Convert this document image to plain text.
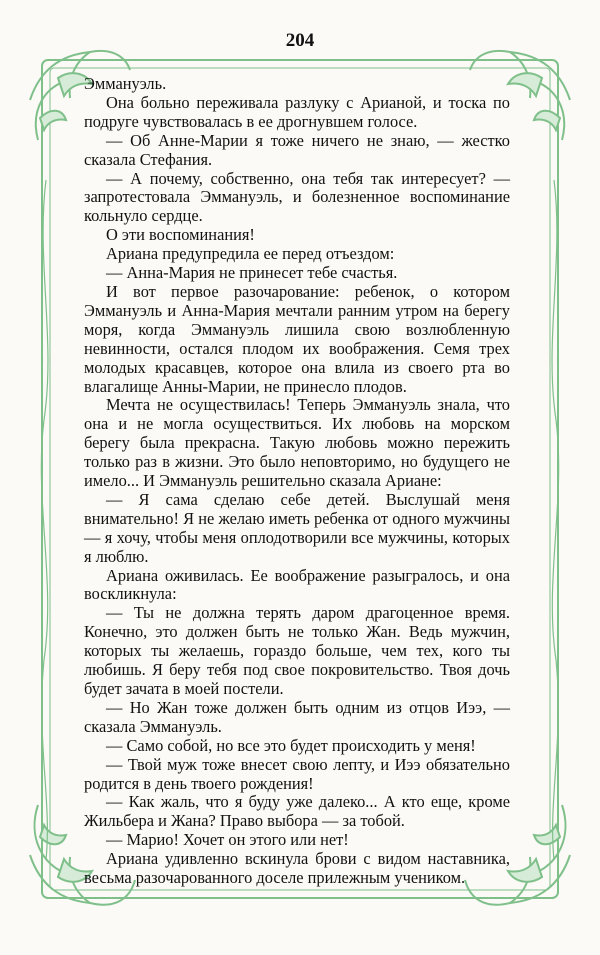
204

Эммануэль.

Она больно переживала разлуку с Арианой, и тоска по подруге чувствовалась в ее дрогнувшем голосе.

— Об Анне-Марии я тоже ничего не знаю, — жестко сказала Стефания.

— А почему, собственно, она тебя так интересует? — запротестовала Эммануэль, и болезненное воспоминание кольнуло сердце.

О эти воспоминания!

Ариана предупредила ее перед отъездом:

— Анна-Мария не принесет тебе счастья.

И вот первое разочарование: ребенок, о котором Эммануэль и Анна-Мария мечтали ранним утром на берегу моря, когда Эммануэль лишила свою возлюбленную невинности, остался плодом их воображения. Семя трех молодых красавцев, которое она влила из своего рта во влагалище Анны-Марии, не принесло плодов.

Мечта не осуществилась! Теперь Эммануэль знала, что она и не могла осуществиться. Их любовь на морском берегу была прекрасна. Такую любовь можно пережить только раз в жизни. Это было неповторимо, но будущего не имело... И Эммануэль решительно сказала Ариане:

— Я сама сделаю себе детей. Выслушай меня внимательно! Я не желаю иметь ребенка от одного мужчины — я хочу, чтобы меня оплодотворили все мужчины, которых я люблю.

Ариана оживилась. Ее воображение разыгралось, и она воскликнула:

— Ты не должна терять даром драгоценное время. Конечно, это должен быть не только Жан. Ведь мужчин, которых ты желаешь, гораздо больше, чем тех, кого ты любишь. Я беру тебя под свое покровительство. Твоя дочь будет зачата в моей постели.

— Но Жан тоже должен быть одним из отцов Иээ, — сказала Эммануэль.

— Само собой, но все это будет происходить у меня!

— Твой муж тоже внесет свою лепту, и Иээ обязательно родится в день твоего рождения!

— Как жаль, что я буду уже далеко... А кто еще, кроме Жильбера и Жана? Право выбора — за тобой.

— Марио! Хочет он этого или нет!

Ариана удивленно вскинула брови с видом наставника, весьма разочарованного доселе прилежным учеником.
